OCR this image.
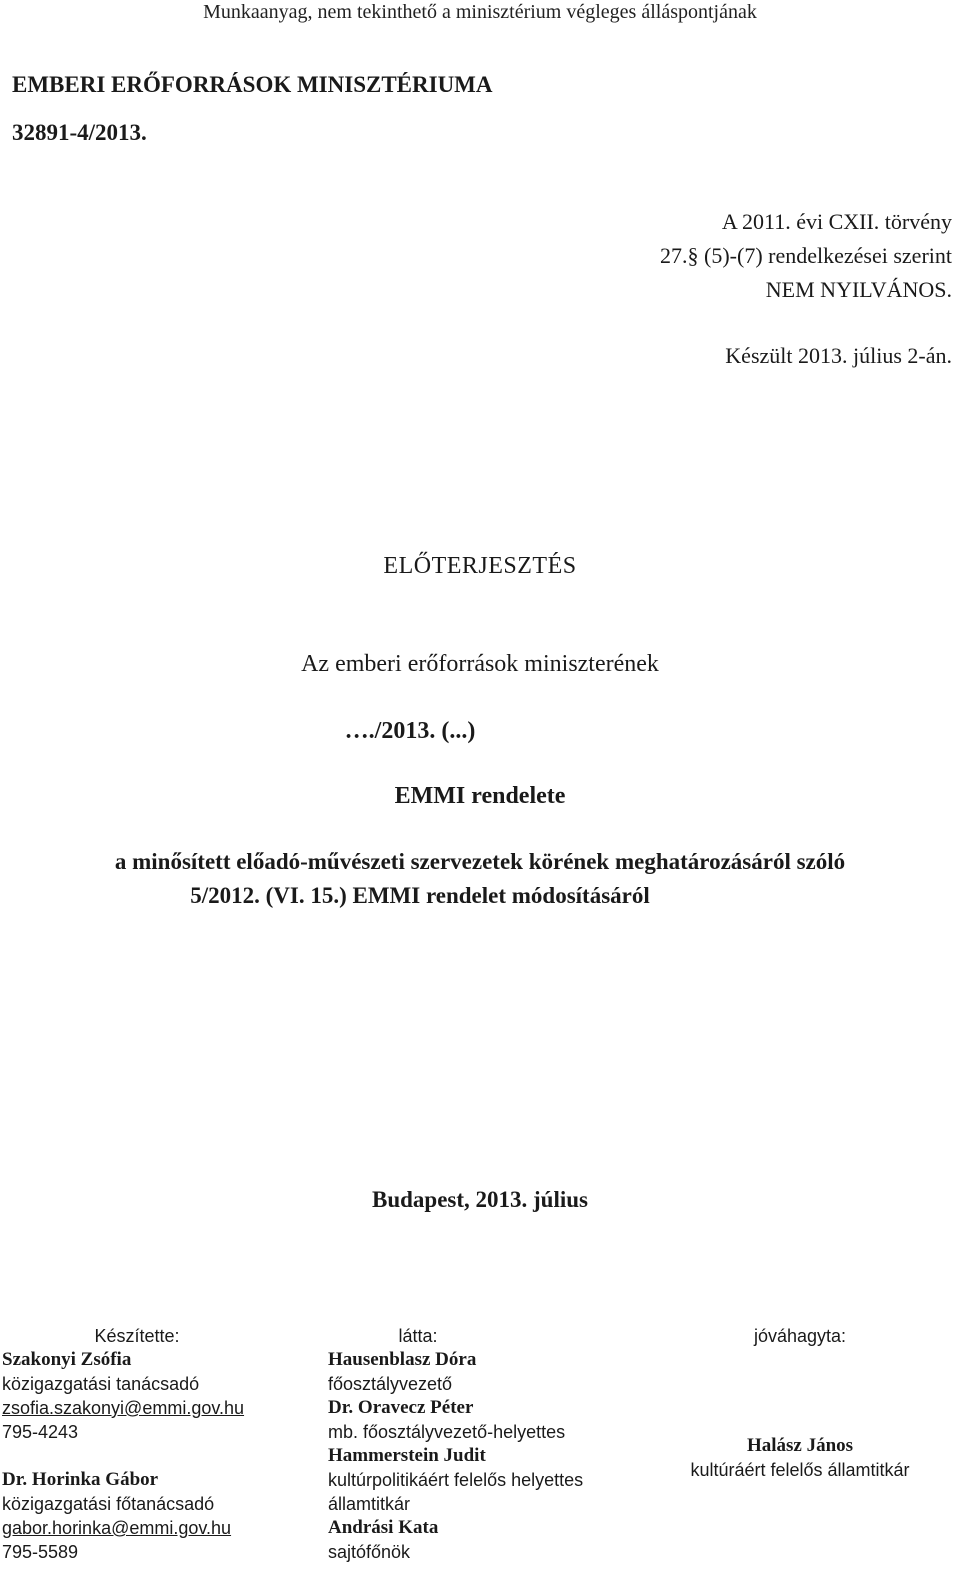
Munkaanyag, nem tekinthető a minisztérium végleges álláspontjának
EMBERI ERŐFORRÁSOK MINISZTÉRIUMA
32891-4/2013.
A 2011. évi CXII. törvény
27.§ (5)-(7) rendelkezései szerint
NEM NYILVÁNOS.
Készült 2013. július 2-án.
ELŐTERJESZTÉS
Az emberi erőforrások miniszterének
…./2013. (...)
EMMI rendelete
a minősített előadó-művészeti szervezetek körének meghatározásáról szóló
5/2012. (VI. 15.) EMMI rendelet módosításáról
Budapest, 2013. július
Készítette:
Szakonyi Zsófia
közigazgatási tanácsadó
zsofia.szakonyi@emmi.gov.hu
795-4243
Dr. Horinka Gábor
közigazgatási főtanácsadó
gabor.horinka@emmi.gov.hu
795-5589
látta:
Hausenblasz Dóra
főosztályvezető
Dr. Oravecz Péter
mb. főosztályvezető-helyettes
Hammerstein Judit
kultúrpolitikáért felelős helyettes
államtitkár
Andrási Kata
sajtófőnök
jóváhagyta:
Halász János
kultúráért felelős államtitkár
